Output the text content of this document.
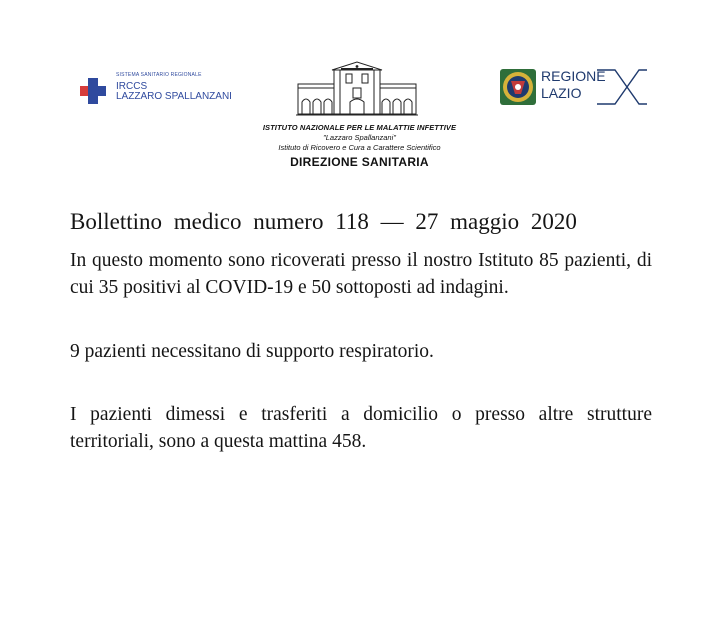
SISTEMA SANITARIO REGIONALE
IRCCS
LAZZARO SPALLANZANI
ISTITUTO NAZIONALE PER LE MALATTIE INFETTIVE
"Lazzaro Spallanzani"
Istituto di Ricovero e Cura a Carattere Scientifico
DIREZIONE SANITARIA
REGIONE
LAZIO
Bollettino medico numero 118 — 27 maggio 2020

In questo momento sono ricoverati presso il nostro Istituto 85 pazienti, di cui 35 positivi al COVID-19 e 50 sottoposti ad indagini.

9 pazienti necessitano di supporto respiratorio.

I pazienti dimessi e trasferiti a domicilio o presso altre strutture territoriali, sono a questa mattina 458.
